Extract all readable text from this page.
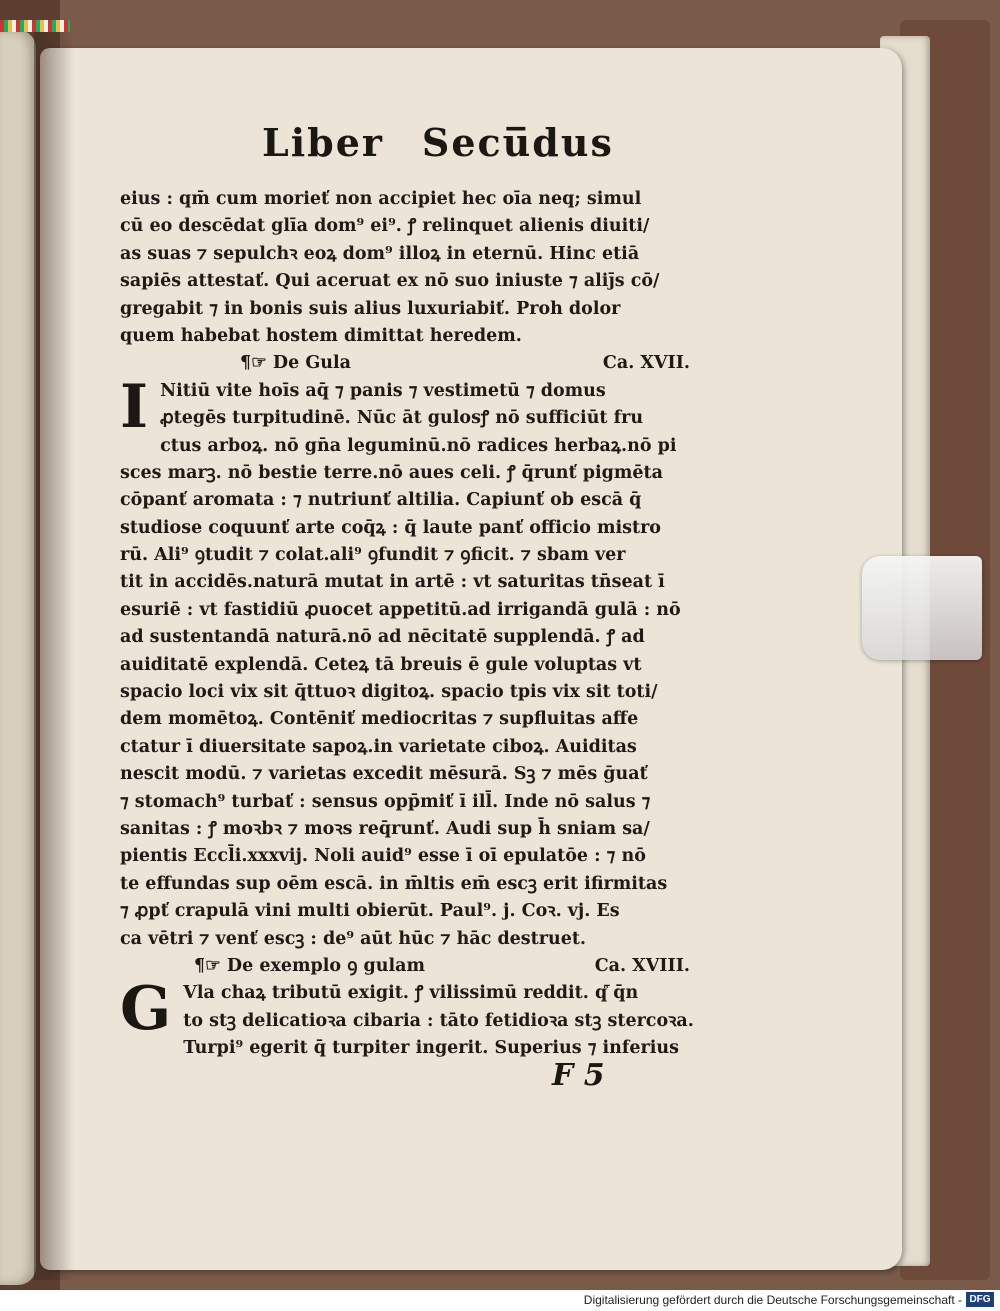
Liber Secu̅dus
eius : qm̄ cum morieť non accipiet hec oīa neq; simul
cū eo descēdat glīa dom⁹ ei⁹. ꝭ relinquet alienis diuiti/
as suas ⁊ sepulchꝛ eoꝝ dom⁹ illoꝝ in eternū. Hinc etiā
sapiēs attestať. Qui aceruat ex nō suo iniuste ⁊ aliȷ̄s cō/
gregabit ⁊ in bonis suis alius luxuriabiť. Proh dolor
quem habebat hostem dimittat heredem.
¶☞ De Gula	Ca. XVII.
I Nitiū vite hoīs aq̄ ⁊ panis ⁊ vestimetū ⁊ domus
ꝓtegēs turpitudinē. Nūc āt gulosꝭ nō sufficiūt fru
ctus arboꝝ. nō gn̄a leguminū.nō radices herbaꝝ.nō pi
sces marꝫ. nō bestie terre.nō aues celi. ꝭ q̄runť pigmēta
cōpanť aromata : ⁊ nutriunť altilia. Capiunť ob escā q̄
studiose coquunť arte coq̄ꝝ : q̄ laute panť officio mistro
rū. Ali⁹ ꝯtudit ⁊ colat.ali⁹ ꝯfundit ⁊ ꝯficit. ⁊ sbam ver
tit in accidēs.naturā mutat in artē : vt saturitas tn̄seat ī
esuriē : vt fastidiū ꝓuocet appetitū.ad irrigandā gulā : nō
ad sustentandā naturā.nō ad nēcitatē supplendā. ꝭ ad
auiditatē explendā. Ceteꝝ tā breuis ē gule voluptas vt
spacio loci vix sit q̄ttuoꝛ digitoꝝ. spacio tpis vix sit toti/
dem momētoꝝ. Contēniť mediocritas ⁊ supfluitas affe
ctatur ī diuersitate sapoꝝ.in varietate ciboꝝ. Auiditas
nescit modū. ⁊ varietas excedit mēsurā. Sꝫ ⁊ mēs ḡuať
⁊ stomach⁹ turbať : sensus opp̄miť ī ill̄. Inde nō salus ⁊
sanitas : ꝭ moꝛbꝛ ⁊ moꝛs req̄runť. Audi sup h̄ sniam sa/
pientis Eccl̄i.xxxvij. Noli auid⁹ esse ī oī epulatōe : ⁊ nō
te effundas sup oēm escā. in m̄ltis em̄ escꝫ erit ifirmitas
⁊ ꝓpť crapulā vini multi obierūt. Paul⁹. j. Coꝛ. vj. Es
ca vētri ⁊ venť escꝫ : de⁹ aūt hūc ⁊ hāc destruet.
¶☞ De exemplo ꝯ gulam	Ca. XVIII.
G Vla chaꝝ tributū exigit. ꝭ vilissimū reddit. q꜠ q̄n
to stꝫ delicatioꝛa cibaria : tāto fetidioꝛa stꝫ stercoꝛa.
Turpi⁹ egerit q̄ turpiter ingerit. Superius ⁊ inferius
F 5
Digitalisierung gefördert durch die Deutsche Forschungsgemeinschaft - DFG
